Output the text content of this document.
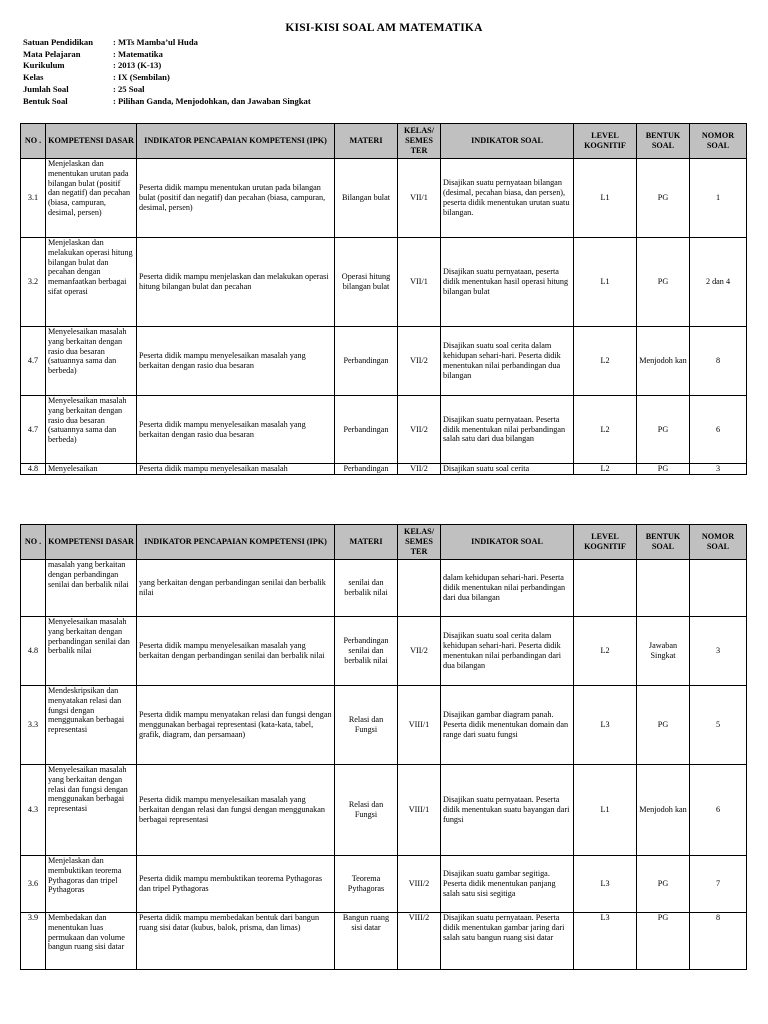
KISI-KISI SOAL AM MATEMATIKA
Satuan Pendidikan	: MTs Mamba’ul Huda
Mata Pelajaran	: Matematika
Kurikulum	: 2013 (K-13)
Kelas	: IX (Sembilan)
Jumlah Soal	: 25 Soal
Bentuk Soal	: Pilihan Ganda, Menjodohkan, dan Jawaban Singkat
NO .	KOMPETENSI DASAR	INDIKATOR PENCAPAIAN KOMPETENSI (IPK)	MATERI	KELAS/ SEMES TER	INDIKATOR SOAL	LEVEL KOGNITIF	BENTUK SOAL	NOMOR SOAL
3.1	Menjelaskan dan menentukan urutan pada bilangan bulat (positif dan negatif) dan pecahan (biasa, campuran, desimal, persen)	Peserta didik mampu menentukan urutan pada bilangan bulat (positif dan negatif) dan pecahan (biasa, campuran, desimal, persen)	Bilangan bulat	VII/1	Disajikan suatu pernyataan bilangan (desimal, pecahan biasa, dan persen), peserta didik menentukan urutan suatu bilangan.	L1	PG	1
3.2	Menjelaskan dan melakukan operasi hitung bilangan bulat dan pecahan dengan memanfaatkan berbagai sifat operasi	Peserta didik mampu menjelaskan dan melakukan operasi hitung bilangan bulat dan pecahan	Operasi hitung bilangan bulat	VII/1	Disajikan suatu pernyataan, peserta didik menentukan hasil operasi hitung bilangan bulat	L1	PG	2 dan 4
4.7	Menyelesaikan masalah yang berkaitan dengan rasio dua besaran (satuannya sama dan berbeda)	Peserta didik mampu menyelesaikan masalah yang berkaitan dengan rasio dua besaran	Perbandingan	VII/2	Disajikan suatu soal cerita dalam kehidupan sehari-hari. Peserta didik menentukan nilai perbandingan dua bilangan	L2	Menjodoh kan	8
4.7	Menyelesaikan masalah yang berkaitan dengan rasio dua besaran (satuannya sama dan berbeda)	Peserta didik mampu menyelesaikan masalah yang berkaitan dengan rasio dua besaran	Perbandingan	VII/2	Disajikan suatu pernyataan. Peserta didik menentukan nilai perbandingan salah satu dari dua bilangan	L2	PG	6
4.8	Menyelesaikan	Peserta didik mampu menyelesaikan masalah	Perbandingan	VII/2	Disajikan suatu soal cerita	L2	PG	3
NO .	KOMPETENSI DASAR	INDIKATOR PENCAPAIAN KOMPETENSI (IPK)	MATERI	KELAS/ SEMES TER	INDIKATOR SOAL	LEVEL KOGNITIF	BENTUK SOAL	NOMOR SOAL
	masalah yang berkaitan dengan perbandingan senilai dan berbalik nilai	yang berkaitan dengan perbandingan senilai dan berbalik nilai	senilai dan berbalik nilai		dalam kehidupan sehari-hari. Peserta didik menentukan nilai perbandingan dari dua bilangan			
4.8	Menyelesaikan masalah yang berkaitan dengan perbandingan senilai dan berbalik nilai	Peserta didik mampu menyelesaikan masalah yang berkaitan dengan perbandingan senilai dan berbalik nilai	Perbandingan senilai dan berbalik nilai	VII/2	Disajikan suatu soal cerita dalam kehidupan sehari-hari. Peserta didik menentukan nilai perbandingan dari dua bilangan	L2	Jawaban Singkat	3
3.3	Mendeskripsikan dan menyatakan relasi dan fungsi dengan menggunakan berbagai representasi	Peserta didik mampu menyatakan relasi dan fungsi dengan menggunakan berbagai representasi (kata-kata, tabel, grafik, diagram, dan persamaan)	Relasi dan Fungsi	VIII/1	Disajikan gambar diagram panah. Peserta didik menentukan domain dan range dari suatu fungsi	L3	PG	5
4.3	Menyelesaikan masalah yang berkaitan dengan relasi dan fungsi dengan menggunakan berbagai representasi	Peserta didik mampu menyelesaikan masalah yang berkaitan dengan relasi dan fungsi dengan menggunakan berbagai representasi	Relasi dan Fungsi	VIII/1	Disajikan suatu pernyataan. Peserta didik menentukan suatu bayangan dari fungsi	L1	Menjodoh kan	6
3.6	Menjelaskan dan membuktikan teorema Pythagoras dan tripel Pythagoras	Peserta didik mampu membuktikan teorema Pythagoras dan tripel Pythagoras	Teorema Pythagoras	VIII/2	Disajikan suatu gambar segitiga. Peserta didik menentukan panjang salah satu sisi segitiga	L3	PG	7
3.9	Membedakan dan menentukan luas permukaan dan volume bangun ruang sisi datar	Peserta didik mampu membedakan bentuk dari bangun ruang sisi datar (kubus, balok, prisma, dan limas)	Bangun ruang sisi datar	VIII/2	Disajikan suatu pernyataan. Peserta didik menentukan gambar jaring dari salah satu bangun ruang sisi datar	L3	PG	8
